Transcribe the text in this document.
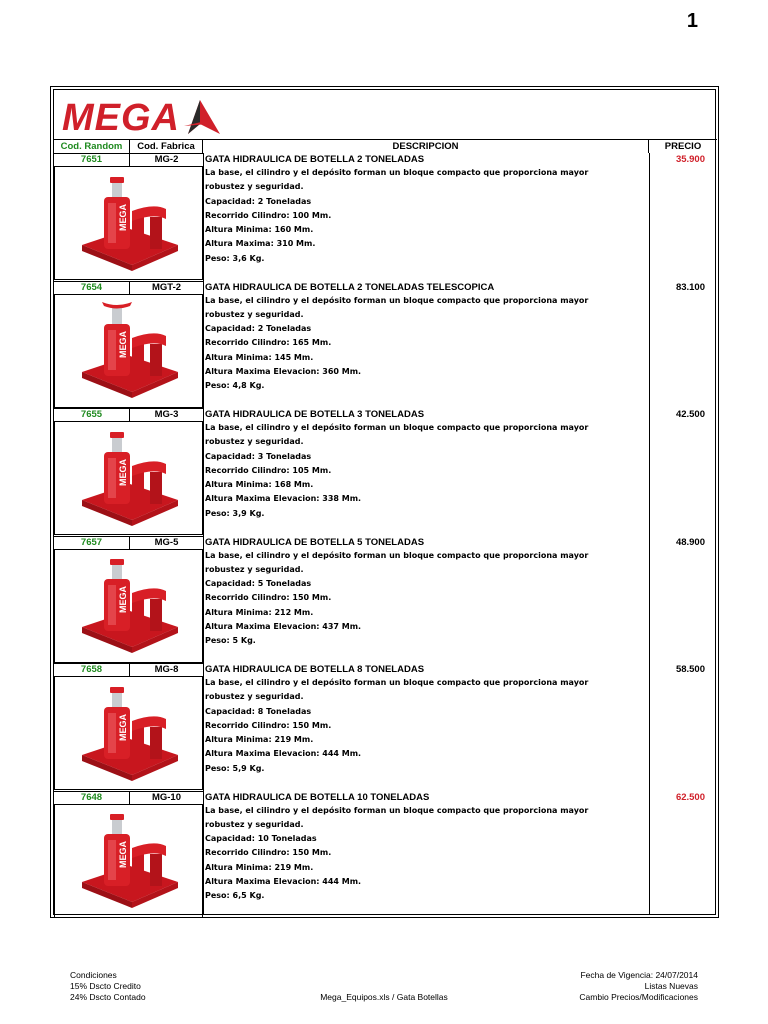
1
MEGA
Cod. Random	Cod. Fabrica	DESCRIPCION	PRECIO
7651	MG-2
MEGA
GATA HIDRAULICA DE BOTELLA 2 TONELADAS
La base, el cilindro y el depósito forman un bloque compacto que proporciona mayor
robustez y seguridad.
Capacidad: 2 Toneladas
Recorrido Cilindro: 100 Mm.
Altura Minima: 160 Mm.
Altura Maxima: 310 Mm.
Peso: 3,6 Kg.
35.900
7654	MGT-2
MEGA
GATA HIDRAULICA DE BOTELLA 2 TONELADAS TELESCOPICA
La base, el cilindro y el depósito forman un bloque compacto que proporciona mayor
robustez y seguridad.
Capacidad: 2 Toneladas
Recorrido Cilindro: 165 Mm.
Altura Minima: 145 Mm.
Altura Maxima Elevacion: 360 Mm.
Peso: 4,8 Kg.
83.100
7655	MG-3
MEGA
GATA HIDRAULICA DE BOTELLA 3 TONELADAS
La base, el cilindro y el depósito forman un bloque compacto que proporciona mayor
robustez y seguridad.
Capacidad: 3 Toneladas
Recorrido Cilindro: 105 Mm.
Altura Minima: 168 Mm.
Altura Maxima Elevacion: 338 Mm.
Peso: 3,9 Kg.
42.500
7657	MG-5
MEGA
GATA HIDRAULICA DE BOTELLA 5 TONELADAS
La base, el cilindro y el depósito forman un bloque compacto que proporciona mayor
robustez y seguridad.
Capacidad: 5 Toneladas
Recorrido Cilindro: 150 Mm.
Altura Minima: 212 Mm.
Altura Maxima Elevacion: 437 Mm.
Peso: 5 Kg.
48.900
7658	MG-8
MEGA
GATA HIDRAULICA DE BOTELLA 8 TONELADAS
La base, el cilindro y el depósito forman un bloque compacto que proporciona mayor
robustez y seguridad.
Capacidad: 8 Toneladas
Recorrido Cilindro: 150 Mm.
Altura Minima: 219 Mm.
Altura Maxima Elevacion: 444 Mm.
Peso: 5,9 Kg.
58.500
7648	MG-10
MEGA
GATA HIDRAULICA DE BOTELLA 10 TONELADAS
La base, el cilindro y el depósito forman un bloque compacto que proporciona mayor
robustez y seguridad.
Capacidad: 10 Toneladas
Recorrido Cilindro: 150 Mm.
Altura Minima: 219 Mm.
Altura Maxima Elevacion: 444 Mm.
Peso: 6,5 Kg.
62.500
Condiciones
15% Dscto Credito
24% Dscto Contado	Mega_Equipos.xls / Gata Botellas
Fecha de Vigencia: 24/07/2014
Listas Nuevas
Cambio Precios/Modificaciones
